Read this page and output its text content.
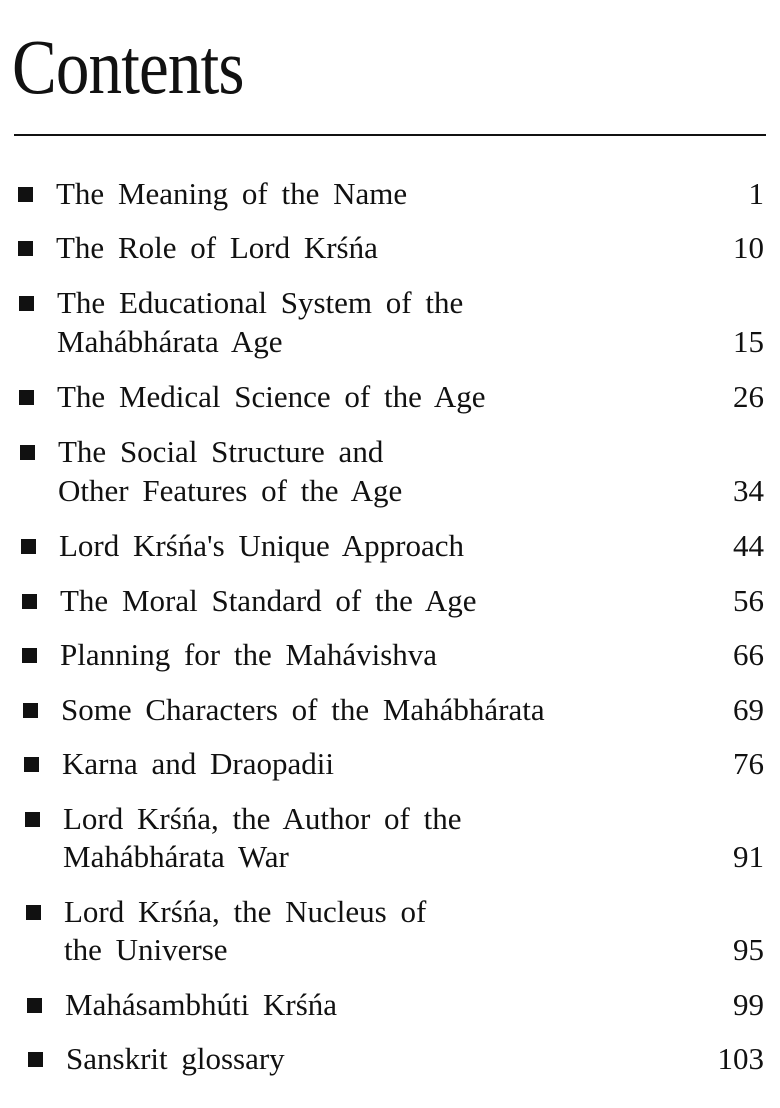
Contents
The Meaning of the Name	1
The Role of Lord Krśńa	10
The Educational System of the
Mahábhárata Age	15
The Medical Science of the Age	26
The Social Structure and
Other Features of the Age	34
Lord Krśńa's Unique Approach	44
The Moral Standard of the Age	56
Planning for the Mahávishva	66
Some Characters of the Mahábhárata	69
Karna and Draopadii	76
Lord Krśńa, the Author of the
Mahábhárata War	91
Lord Krśńa, the Nucleus of
the Universe	95
Mahásambhúti Krśńa	99
Sanskrit glossary	103
